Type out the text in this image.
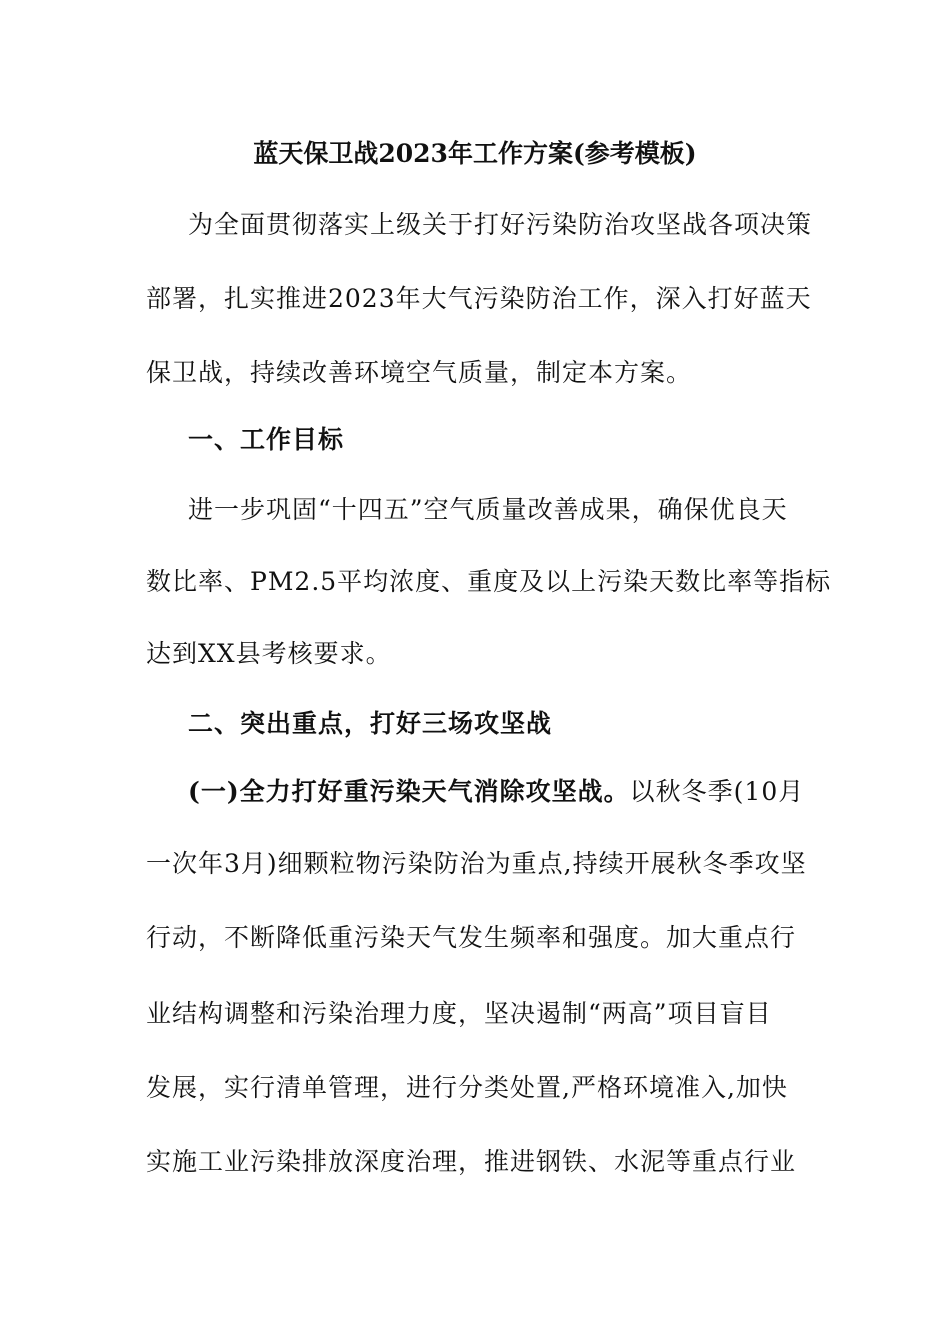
蓝天保卫战2023年工作方案(参考模板)
为全面贯彻落实上级关于打好污染防治攻坚战各项决策
部署，扎实推进2023年大气污染防治工作，深入打好蓝天
保卫战，持续改善环境空气质量，制定本方案。
一、工作目标
进一步巩固“十四五”空气质量改善成果，确保优良天
数比率、PM2.5平均浓度、重度及以上污染天数比率等指标
达到XX县考核要求。
二、突出重点，打好三场攻坚战
(一)全力打好重污染天气消除攻坚战。以秋冬季(10月
一次年3月)细颗粒物污染防治为重点,持续开展秋冬季攻坚
行动，不断降低重污染天气发生频率和强度。加大重点行
业结构调整和污染治理力度，坚决遏制“两高”项目盲目
发展，实行清单管理，进行分类处置,严格环境准入,加快
实施工业污染排放深度治理，推进钢铁、水泥等重点行业
